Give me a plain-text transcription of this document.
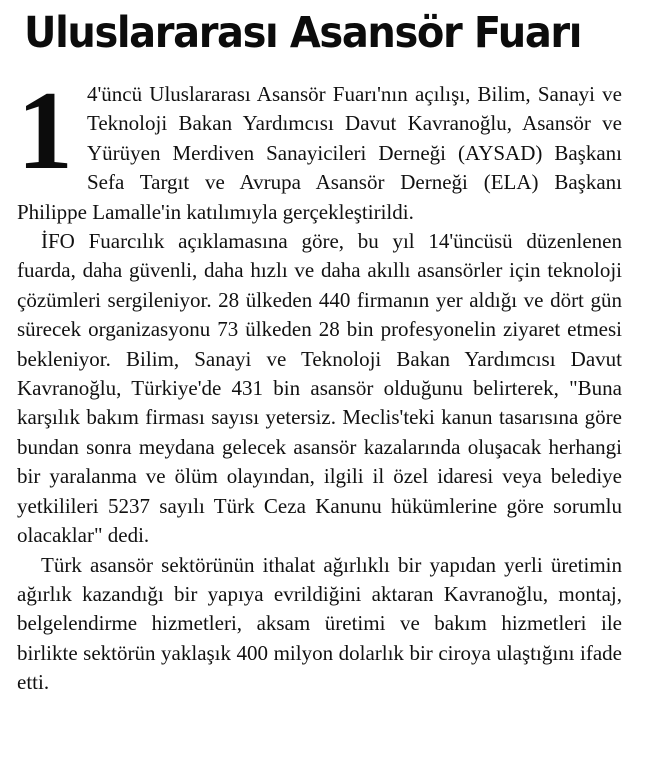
Uluslararası Asansör Fuarı

1 4'üncü Uluslararası Asansör Fuarı'nın açılışı, Bilim, Sanayi ve Teknoloji Bakan Yardımcısı Davut Kavranoğlu, Asansör ve Yürüyen Merdiven Sanayicileri Derneği (AYSAD) Başkanı Sefa Targıt ve Avrupa Asansör Derneği (ELA) Başkanı Philippe Lamalle'in katılımıyla gerçekleştirildi.

İFO Fuarcılık açıklamasına göre, bu yıl 14'üncüsü düzenlenen fuarda, daha güvenli, daha hızlı ve daha akıllı asansörler için teknoloji çözümleri sergileniyor. 28 ülkeden 440 firmanın yer aldığı ve dört gün sürecek organizasyonu 73 ülkeden 28 bin profesyonelin ziyaret etmesi bekleniyor. Bilim, Sanayi ve Teknoloji Bakan Yardımcısı Davut Kavranoğlu, Türkiye'de 431 bin asansör olduğunu belirterek, "Buna karşılık bakım firması sayısı yetersiz. Meclis'teki kanun tasarısına göre bundan sonra meydana gelecek asansör kazalarında oluşacak herhangi bir yaralanma ve ölüm olayından, ilgili il özel idaresi veya belediye yetkilileri 5237 sayılı Türk Ceza Kanunu hükümlerine göre sorumlu olacaklar" dedi.

Türk asansör sektörünün ithalat ağırlıklı bir yapıdan yerli üretimin ağırlık kazandığı bir yapıya evrildiğini aktaran Kavranoğlu, montaj, belgelendirme hizmetleri, aksam üretimi ve bakım hizmetleri ile birlikte sektörün yaklaşık 400 milyon dolarlık bir ciroya ulaştığını ifade etti.
